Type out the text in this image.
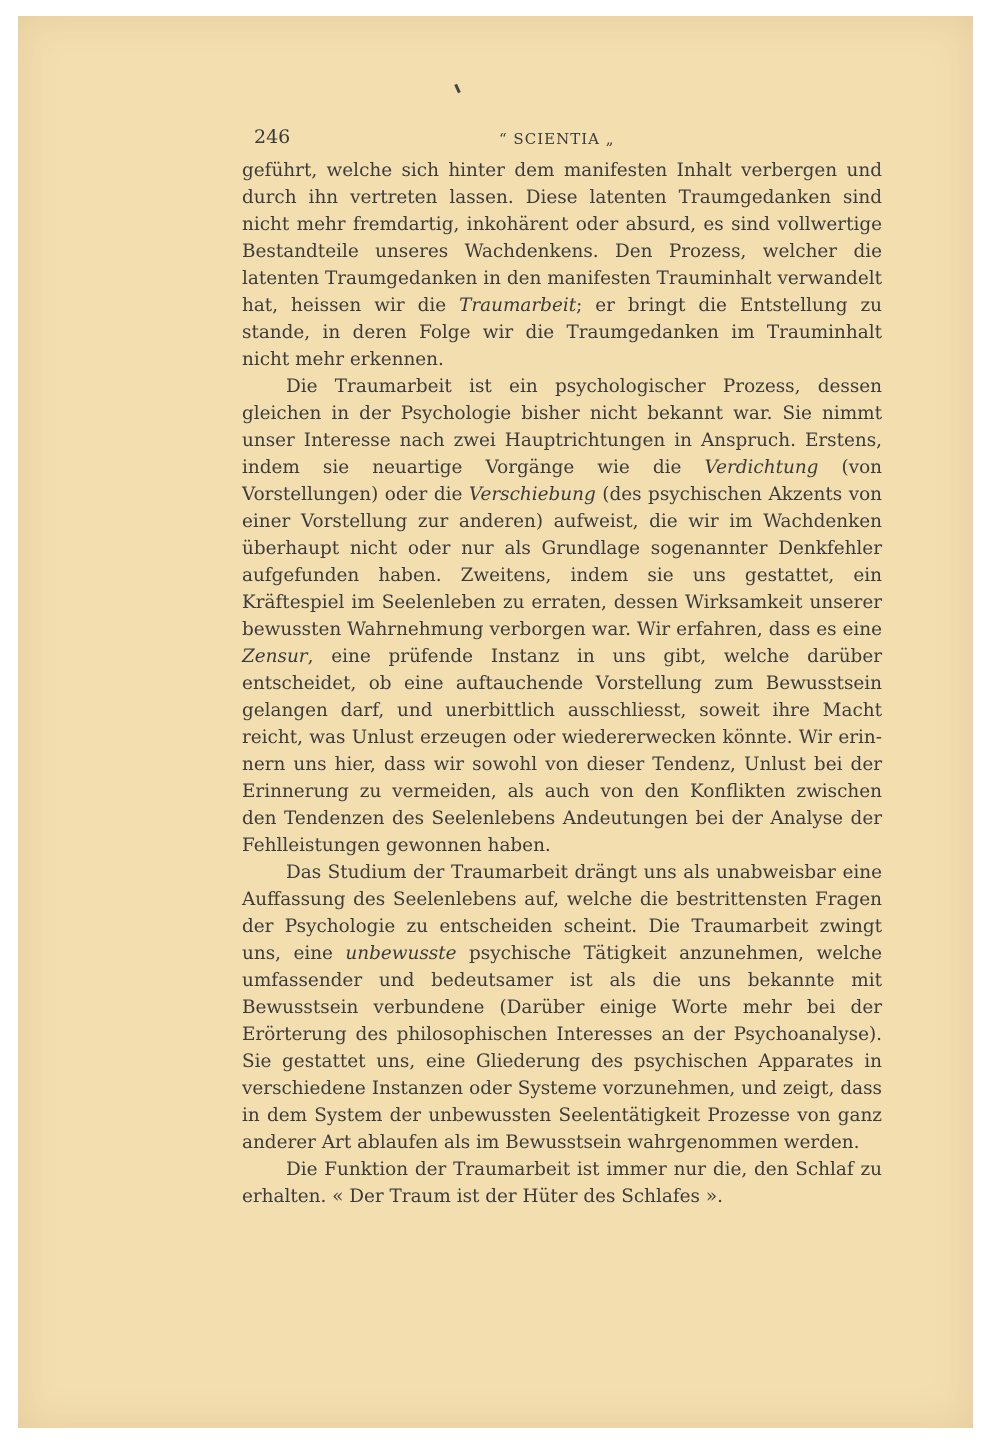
246	“ SCIENTIA „

geführt, welche sich hinter dem manifesten Inhalt verbergen und durch ihn vertreten lassen. Diese latenten Traumgedanken sind nicht mehr fremdartig, inkohärent oder absurd, es sind vollwertige Bestandteile unseres Wachdenkens. Den Prozess, welcher die latenten Traumgedanken in den manifesten Trauminhalt verwandelt hat, heissen wir die Traumarbeit; er bringt die Entstellung zu stande, in deren Folge wir die Traumgedanken im Trauminhalt nicht mehr erkennen.

Die Traumarbeit ist ein psychologischer Prozess, dessen gleichen in der Psychologie bisher nicht bekannt war. Sie nimmt unser Interesse nach zwei Hauptrichtungen in Anspruch. Erstens, indem sie neuartige Vorgänge wie die Verdichtung (von Vorstellungen) oder die Verschiebung (des psychischen Akzents von einer Vorstellung zur anderen) aufweist, die wir im Wachdenken überhaupt nicht oder nur als Grundlage sogenannter Denkfehler aufgefunden haben. Zweitens, indem sie uns gestattet, ein Kräftespiel im Seelenleben zu erraten, dessen Wirksamkeit unserer bewussten Wahrnehmung verborgen war. Wir erfahren, dass es eine Zensur, eine prüfende Instanz in uns gibt, welche darüber entscheidet, ob eine auftauchende Vorstellung zum Bewusstsein gelangen darf, und unerbittlich ausschliesst, soweit ihre Macht reicht, was Unlust erzeugen oder wiedererwecken könnte. Wir erinnern uns hier, dass wir sowohl von dieser Tendenz, Unlust bei der Erinnerung zu vermeiden, als auch von den Konflikten zwischen den Tendenzen des Seelenlebens Andeutungen bei der Analyse der Fehlleistungen gewonnen haben.

Das Studium der Traumarbeit drängt uns als unabweisbar eine Auffassung des Seelenlebens auf, welche die bestrittensten Fragen der Psychologie zu entscheiden scheint. Die Traumarbeit zwingt uns, eine unbewusste psychische Tätigkeit anzunehmen, welche umfassender und bedeutsamer ist als die uns bekannte mit Bewusstsein verbundene (Darüber einige Worte mehr bei der Erörterung des philosophischen Interesses an der Psychoanalyse). Sie gestattet uns, eine Gliederung des psychischen Apparates in verschiedene Instanzen oder Systeme vorzunehmen, und zeigt, dass in dem System der unbewussten Seelentätigkeit Prozesse von ganz anderer Art ablaufen als im Bewusstsein wahrgenommen werden.

Die Funktion der Traumarbeit ist immer nur die, den Schlaf zu erhalten. « Der Traum ist der Hüter des Schlafes ».
